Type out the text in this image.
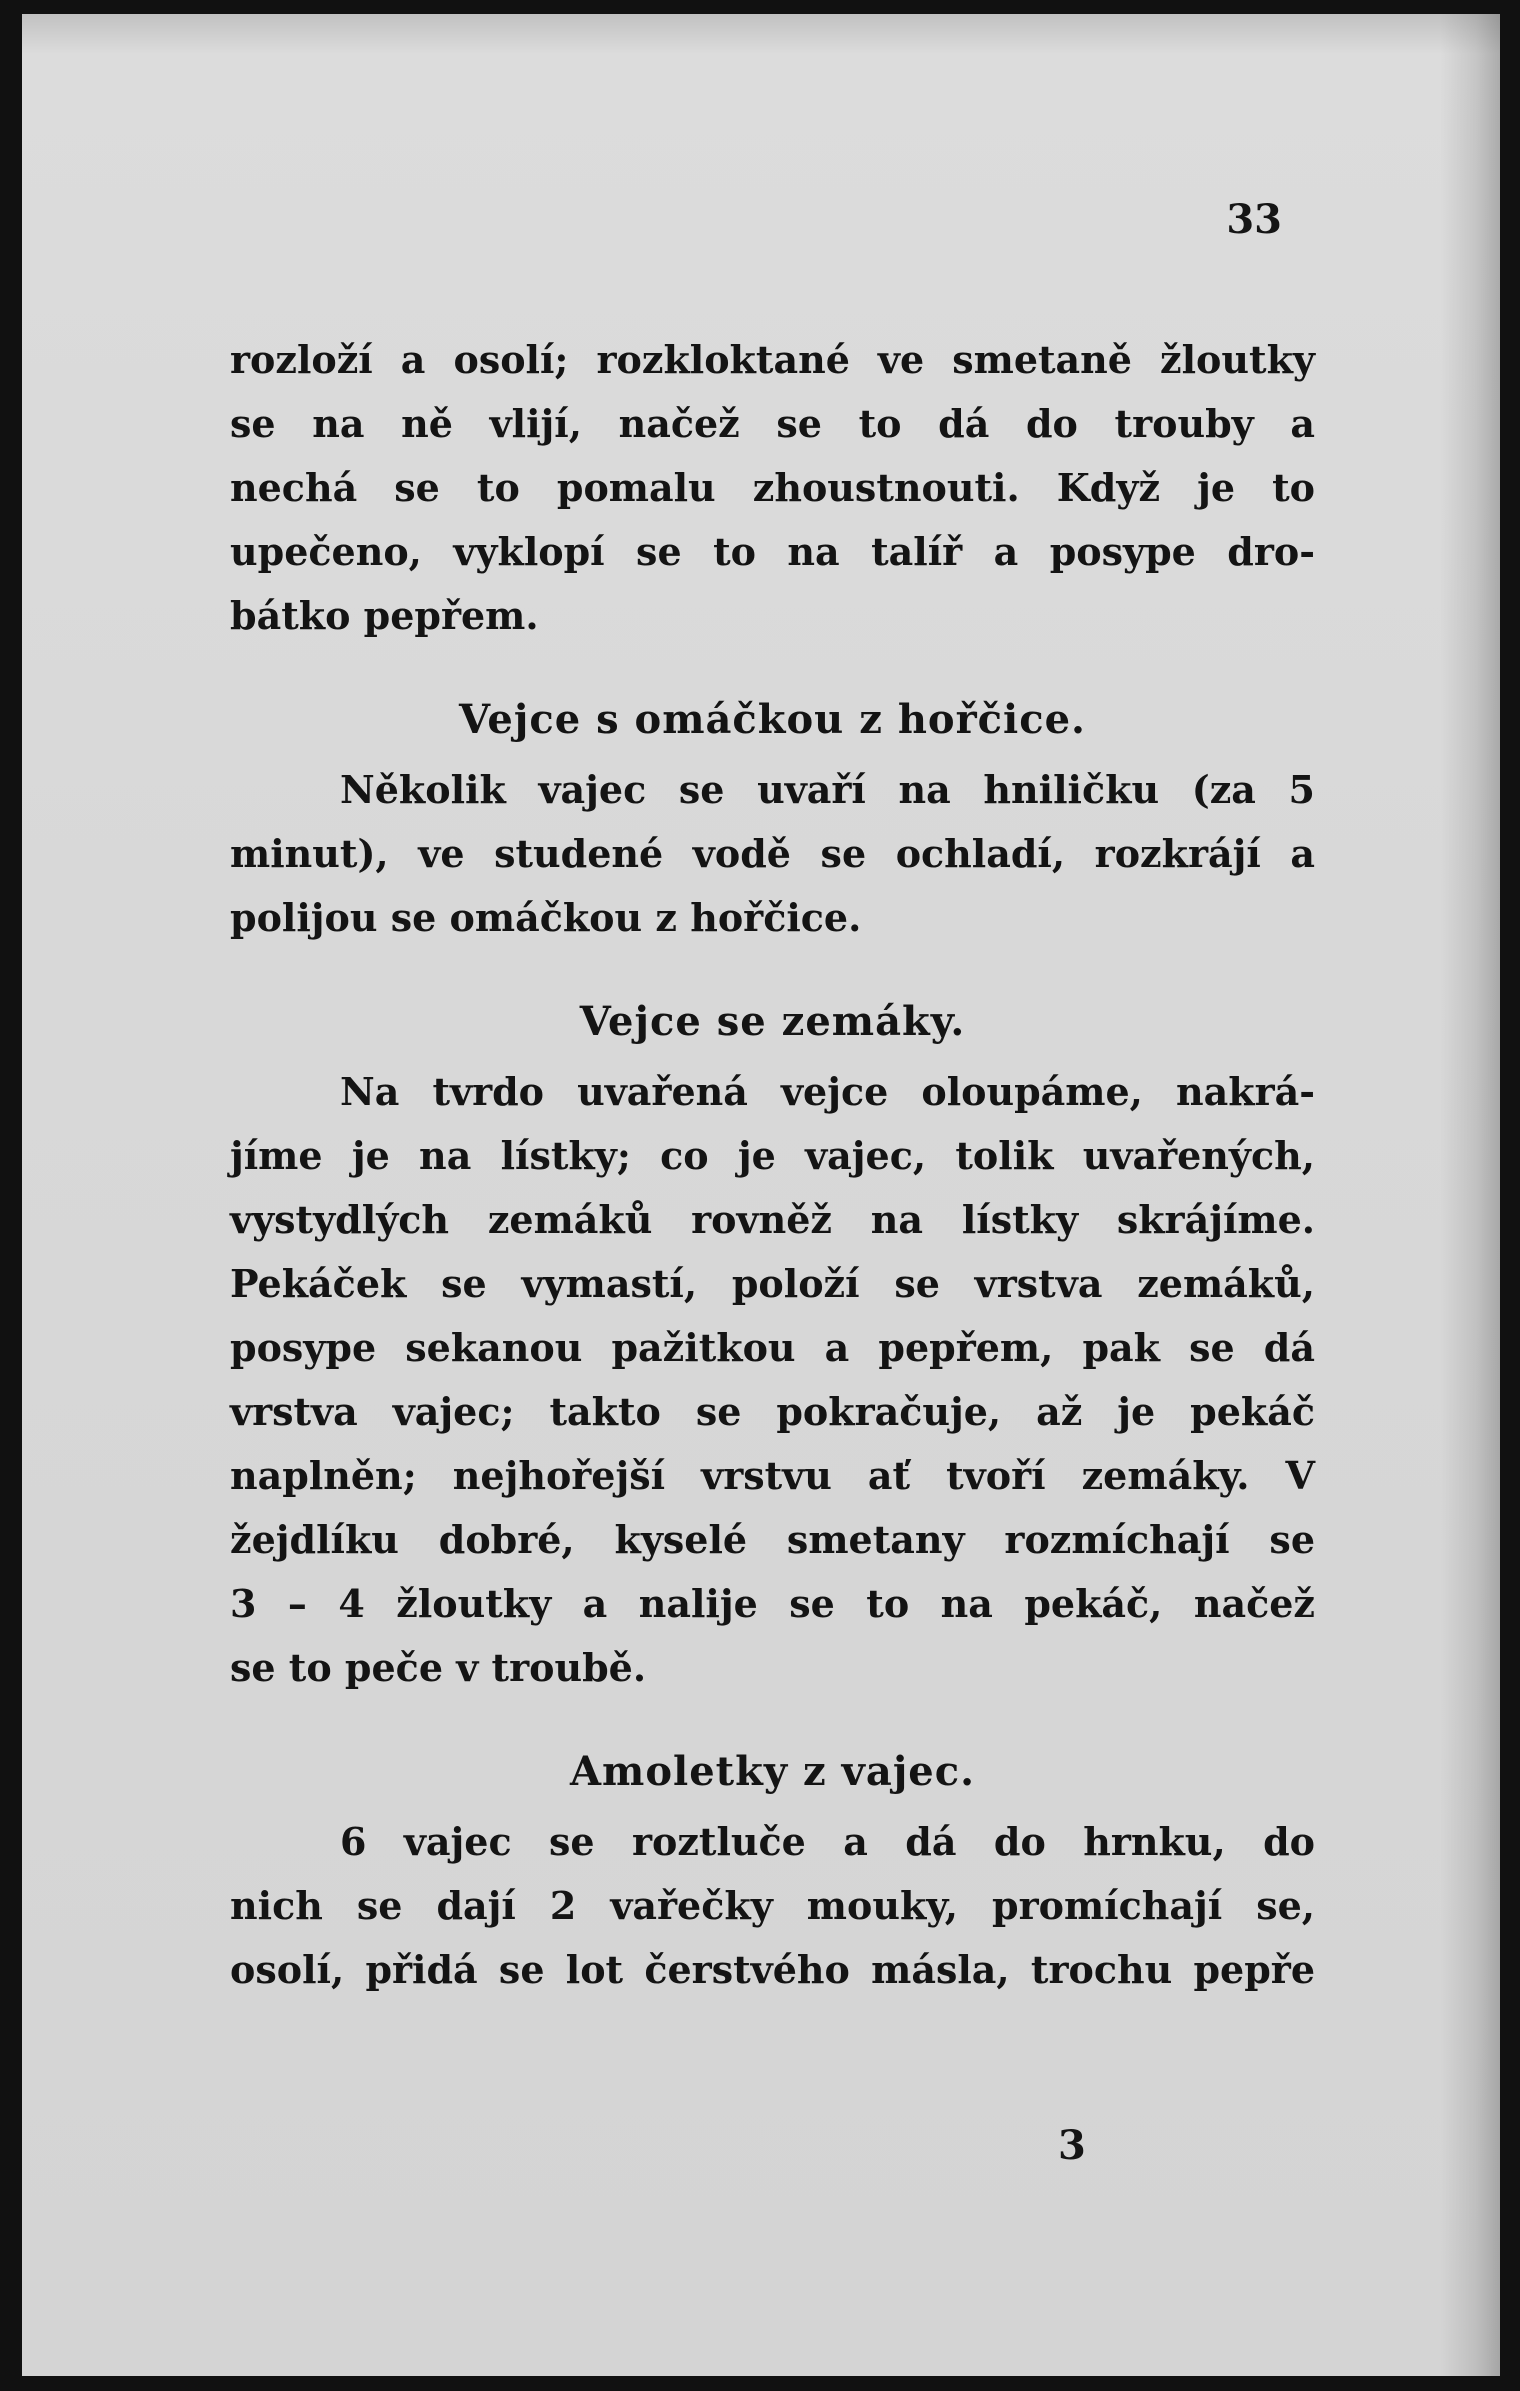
33
rozloží a osolí; rozkloktané ve smetaně žloutky
se na ně vlijí, načež se to dá do trouby a
nechá se to pomalu zhoustnouti. Když je to
upečeno, vyklopí se to na talíř a posype dro-
bátko pepřem.
Vejce s omáčkou z hořčice.
Několik vajec se uvaří na hniličku (za 5
minut), ve studené vodě se ochladí, rozkrájí a
polijou se omáčkou z hořčice.
Vejce se zemáky.
Na tvrdo uvařená vejce oloupáme, nakrá-
jíme je na lístky; co je vajec, tolik uvařených,
vystydlých zemáků rovněž na lístky skrájíme.
Pekáček se vymastí, položí se vrstva zemáků,
posype sekanou pažitkou a pepřem, pak se dá
vrstva vajec; takto se pokračuje, až je pekáč
naplněn; nejhořejší vrstvu ať tvoří zemáky. V
žejdlíku dobré, kyselé smetany rozmíchají se
3 – 4 žloutky a nalije se to na pekáč, načež
se to peče v troubě.
Amoletky z vajec.
6 vajec se roztluče a dá do hrnku, do
nich se dají 2 vařečky mouky, promíchají se,
osolí, přidá se lot čerstvého másla, trochu pepře
3
